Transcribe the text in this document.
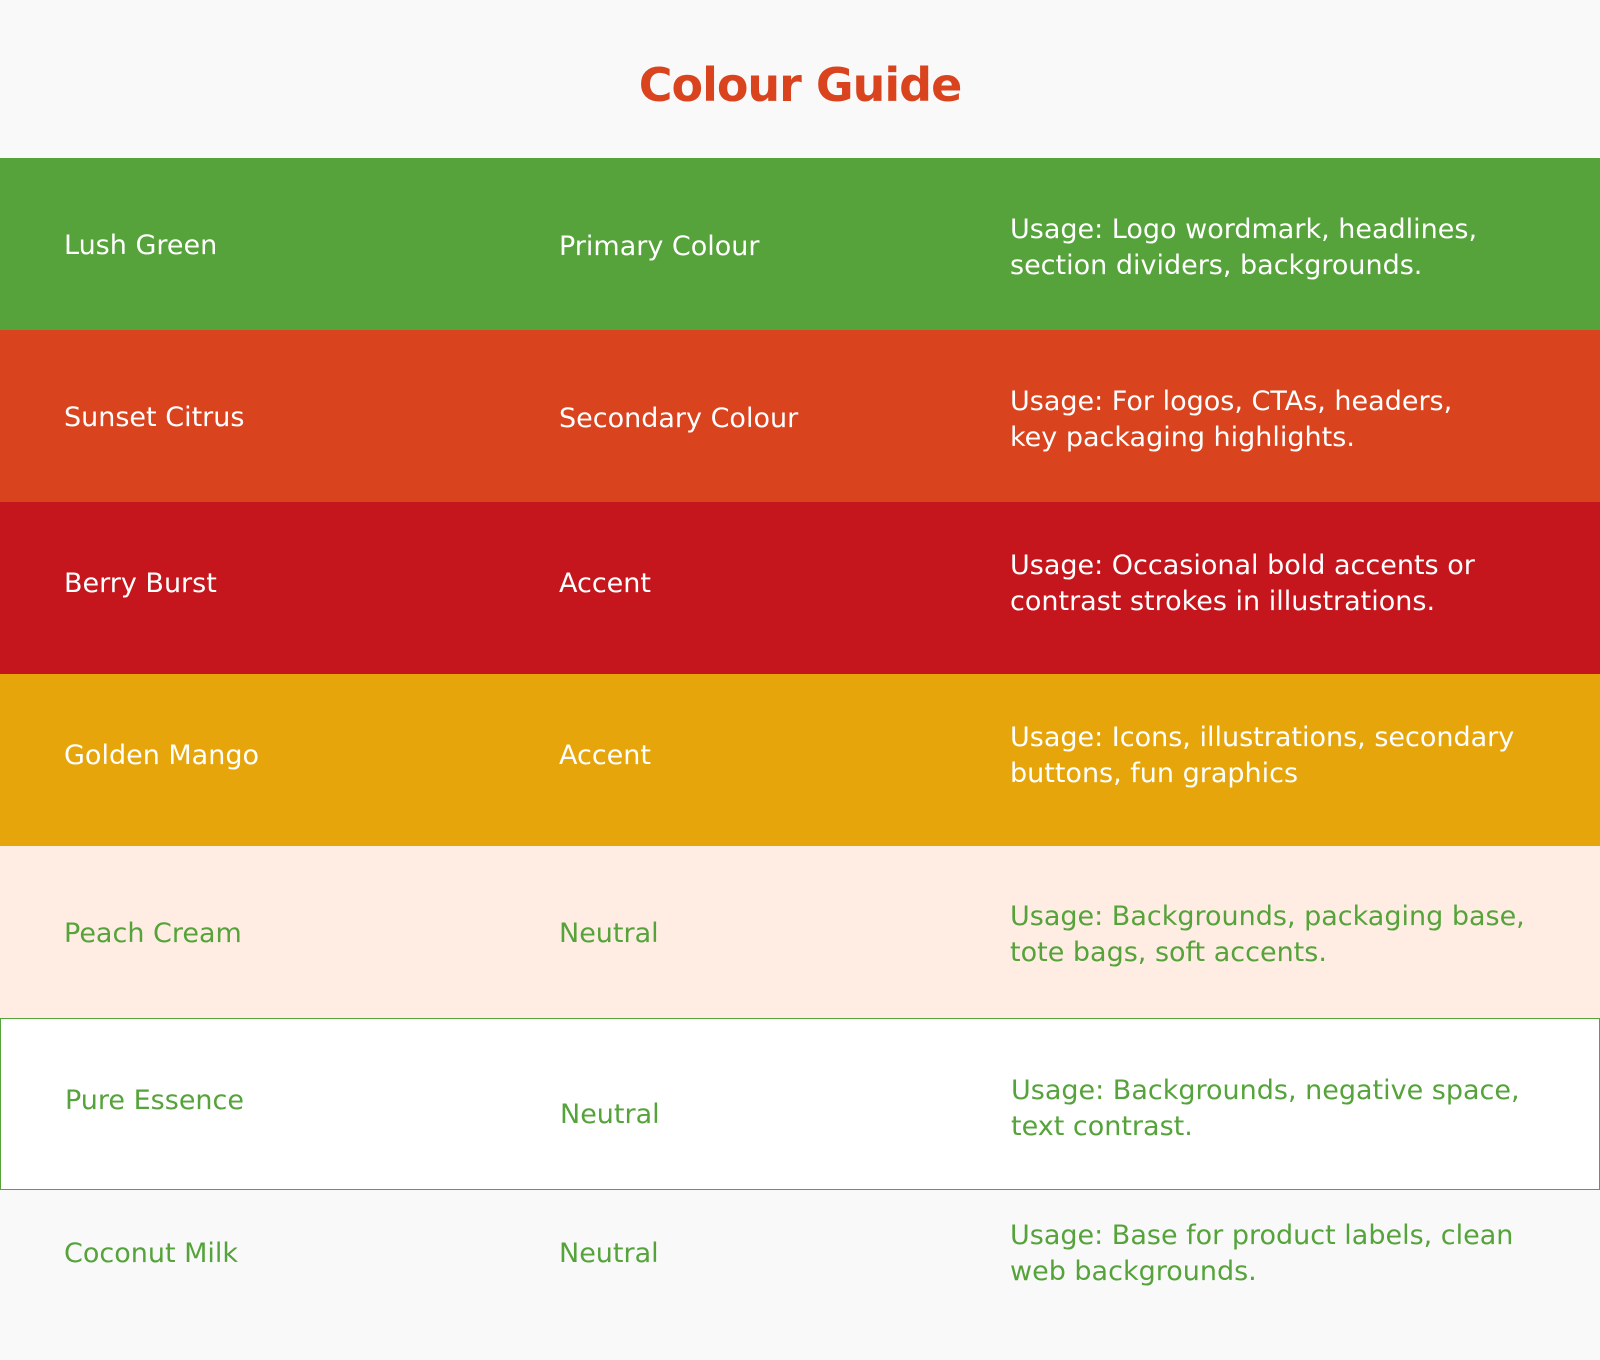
Colour Guide
Lush Green	Primary Colour
Usage: Logo wordmark, headlines,
section dividers, backgrounds.
Sunset Citrus	Secondary Colour
Usage: For logos, CTAs, headers,
key packaging highlights.
Berry Burst	Accent
Usage: Occasional bold accents or
contrast strokes in illustrations.
Golden Mango	Accent
Usage: Icons, illustrations, secondary
buttons, fun graphics
Peach Cream	Neutral
Usage: Backgrounds, packaging base,
tote bags, soft accents.
Pure Essence	Neutral
Usage: Backgrounds, negative space,
text contrast.
Coconut Milk	Neutral
Usage: Base for product labels, clean
web backgrounds.
